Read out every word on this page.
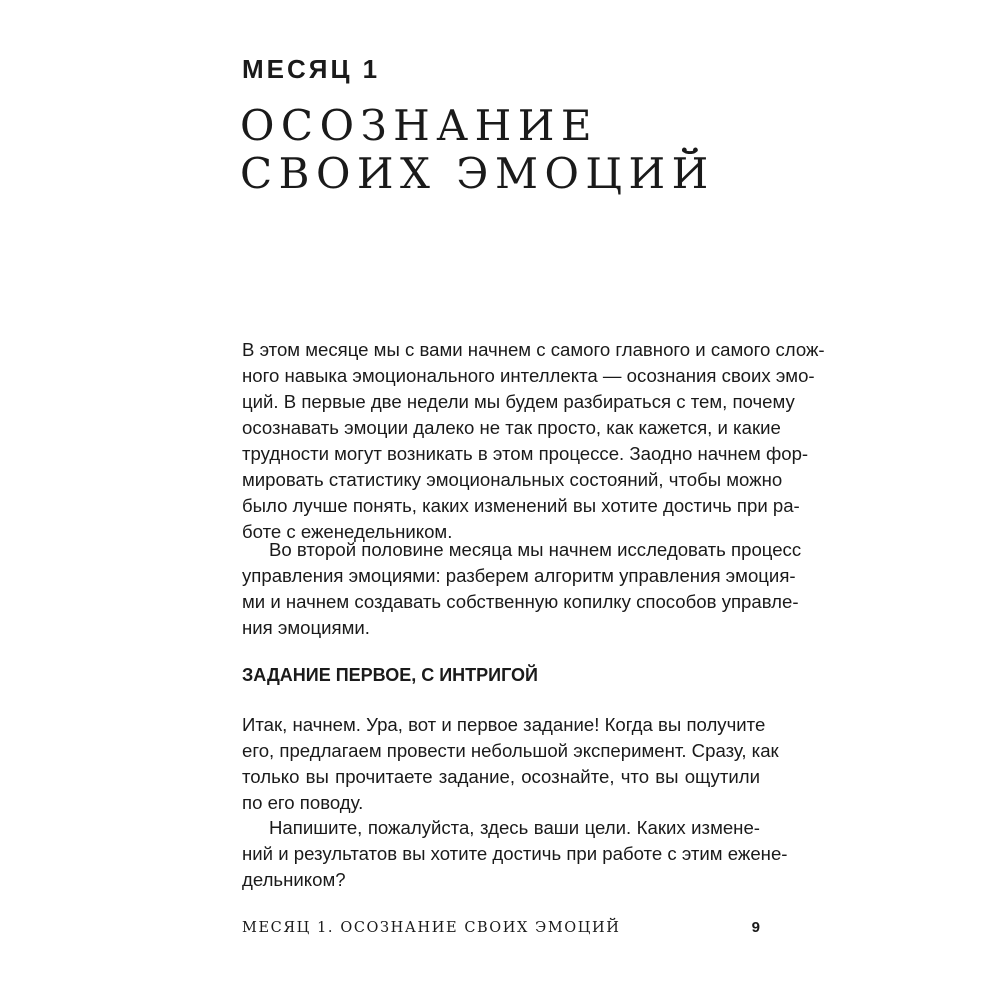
МЕСЯЦ 1
ОСОЗНАНИЕ
СВОИХ ЭМОЦИЙ
В этом месяце мы с вами начнем с самого главного и самого слож-
ного навыка эмоционального интеллекта — осознания своих эмо-
ций. В первые две недели мы будем разбираться с тем, почему
осознавать эмоции далеко не так просто, как кажется, и какие
трудности могут возникать в этом процессе. Заодно начнем фор-
мировать статистику эмоциональных состояний, чтобы можно
было лучше понять, каких изменений вы хотите достичь при ра-
боте с еженедельником.
Во второй половине месяца мы начнем исследовать процесс
управления эмоциями: разберем алгоритм управления эмоция-
ми и начнем создавать собственную копилку способов управле-
ния эмоциями.
ЗАДАНИЕ ПЕРВОЕ, С ИНТРИГОЙ
Итак, начнем. Ура, вот и первое задание! Когда вы получите
его, предлагаем провести небольшой эксперимент. Сразу, как
только вы прочитаете задание, осознайте, что вы ощутили
по его поводу.
Напишите, пожалуйста, здесь ваши цели. Каких измене-
ний и результатов вы хотите достичь при работе с этим еженe-
дельником?
МЕСЯЦ 1. ОСОЗНАНИЕ СВОИХ ЭМОЦИЙ	9
